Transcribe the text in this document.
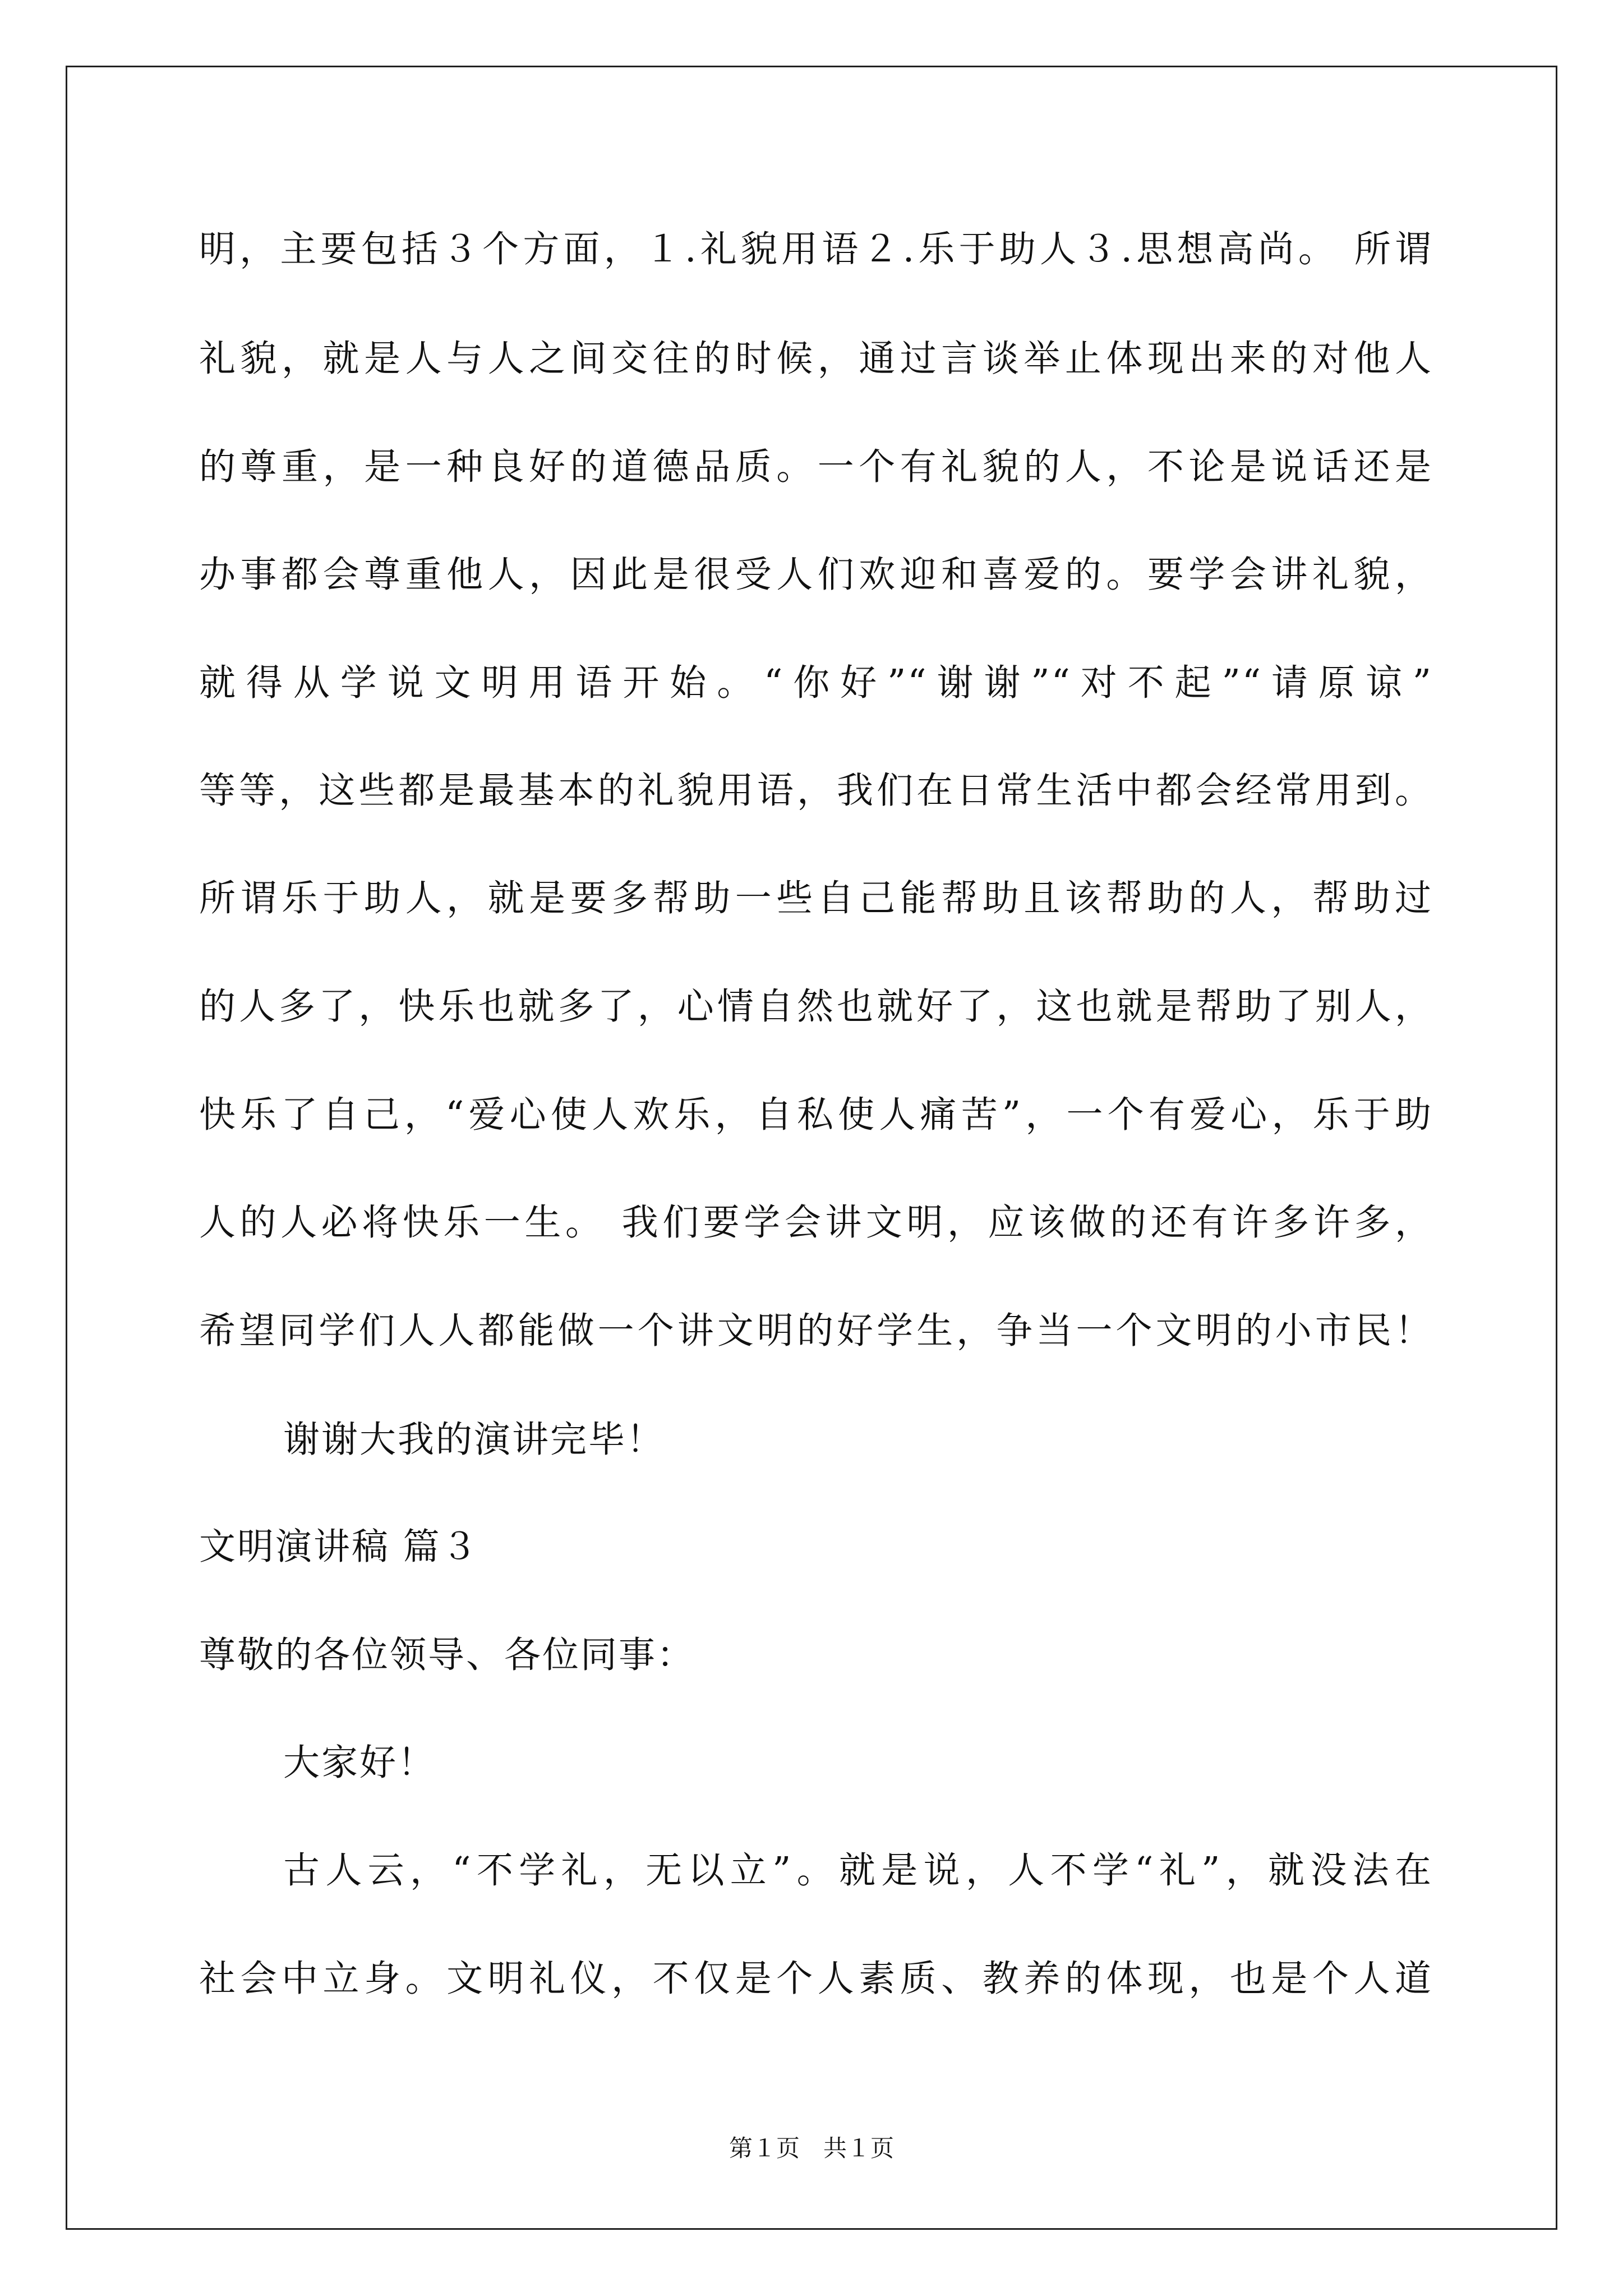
明，主要包括３个方面，１.礼貌用语２.乐于助人３.思想高尚。 所谓
礼貌，就是人与人之间交往的时候，通过言谈举止体现出来的对他人
的尊重，是一种良好的道德品质。一个有礼貌的人，不论是说话还是
办事都会尊重他人，因此是很受人们欢迎和喜爱的。要学会讲礼貌，
就得从学说文明用语开始。“你好”“谢谢”“对不起”“请原谅”
等等，这些都是最基本的礼貌用语，我们在日常生活中都会经常用到。
所谓乐于助人，就是要多帮助一些自己能帮助且该帮助的人，帮助过
的人多了，快乐也就多了，心情自然也就好了，这也就是帮助了别人，
快乐了自己，“爱心使人欢乐，自私使人痛苦”，一个有爱心，乐于助
人的人必将快乐一生。 我们要学会讲文明，应该做的还有许多许多，
希望同学们人人都能做一个讲文明的好学生，争当一个文明的小市民！
谢谢大我的演讲完毕！
文明演讲稿 篇３
尊敬的各位领导、各位同事：
大家好！
古人云，“不学礼，无以立”。就是说，人不学“礼”，就没法在
社会中立身。文明礼仪，不仅是个人素质、教养的体现，也是个人道
第１页　共１页
